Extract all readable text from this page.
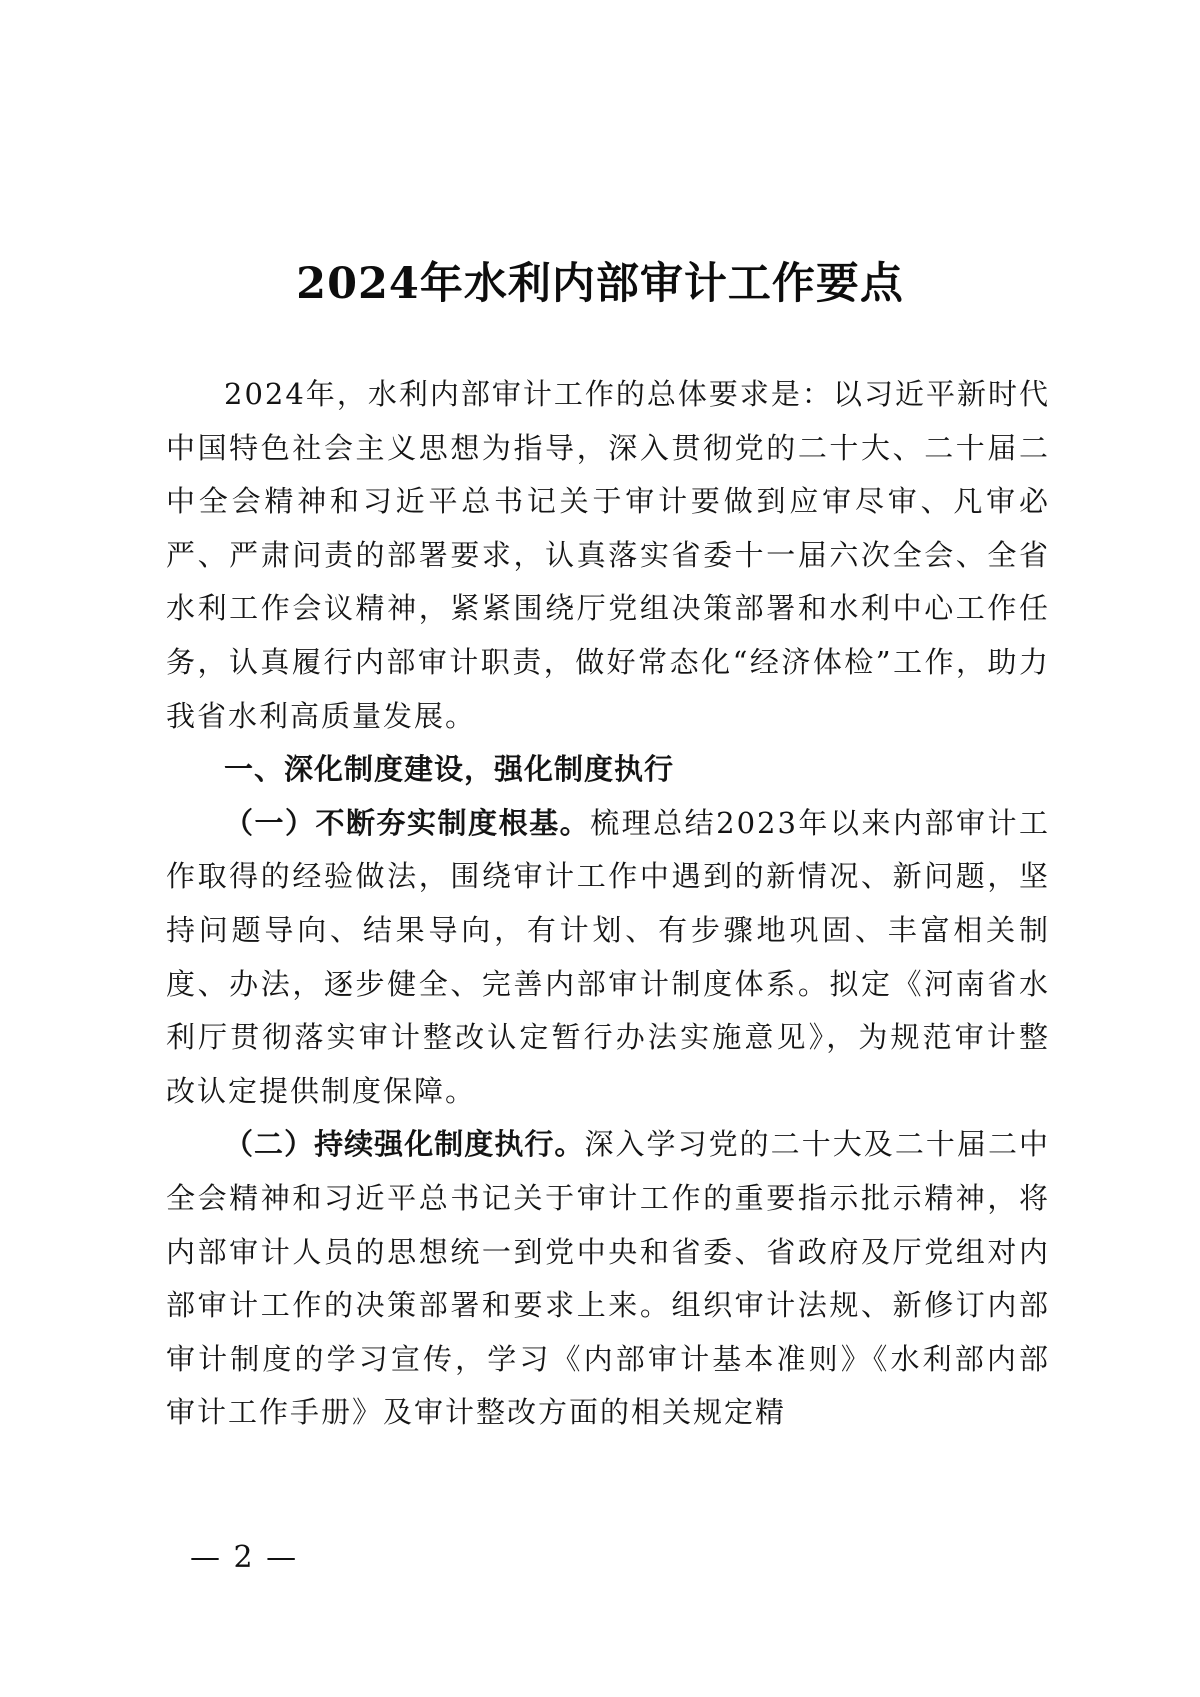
2024年水利内部审计工作要点

2024年，水利内部审计工作的总体要求是：以习近平新时代中国特色社会主义思想为指导，深入贯彻党的二十大、二十届二中全会精神和习近平总书记关于审计要做到应审尽审、凡审必严、严肃问责的部署要求，认真落实省委十一届六次全会、全省水利工作会议精神，紧紧围绕厅党组决策部署和水利中心工作任务，认真履行内部审计职责，做好常态化“经济体检”工作，助力我省水利高质量发展。

一、深化制度建设，强化制度执行

（一）不断夯实制度根基。梳理总结2023年以来内部审计工作取得的经验做法，围绕审计工作中遇到的新情况、新问题，坚持问题导向、结果导向，有计划、有步骤地巩固、丰富相关制度、办法，逐步健全、完善内部审计制度体系。拟定《河南省水利厅贯彻落实审计整改认定暂行办法实施意见》，为规范审计整改认定提供制度保障。

（二）持续强化制度执行。深入学习党的二十大及二十届二中全会精神和习近平总书记关于审计工作的重要指示批示精神，将内部审计人员的思想统一到党中央和省委、省政府及厅党组对内部审计工作的决策部署和要求上来。组织审计法规、新修订内部审计制度的学习宣传，学习《内部审计基本准则》《水利部内部审计工作手册》及审计整改方面的相关规定精

— 2 —
